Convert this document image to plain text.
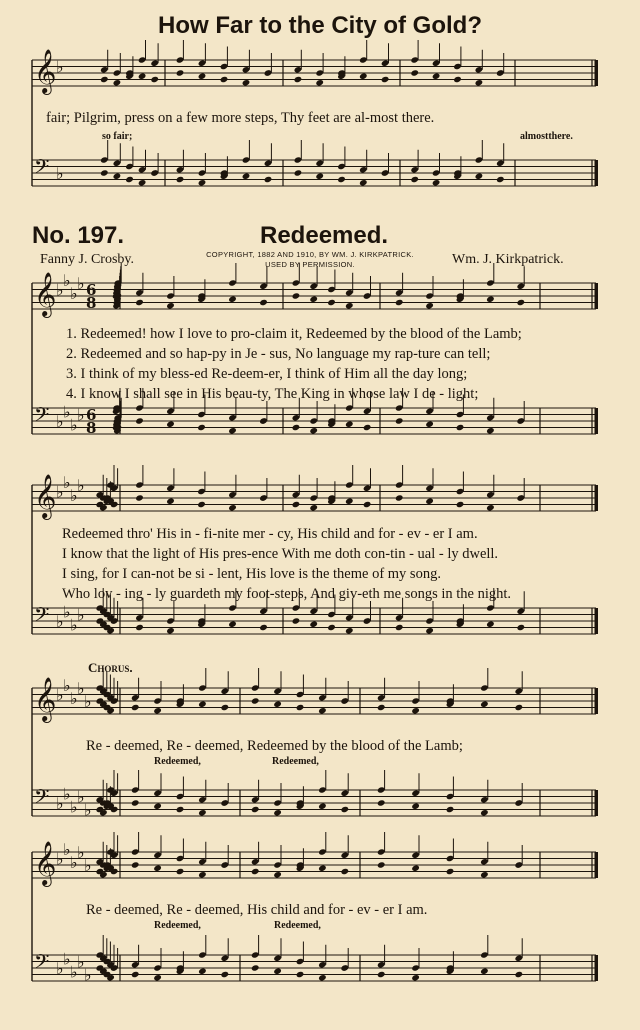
𝄞
𝄢
♭
♭
𝄞
𝄢
♭
♭
♭
♭
♭
♭
♭
♭
6
6
8
8
𝄞
𝄢
♭
♭
♭
♭
♭
♭
♭
♭
𝄞
𝄢
♭
♭
♭
♭
♭
♭
♭
♭
♭
♭
𝄞
𝄢
♭
♭
♭
♭
♭
♭
♭
♭
♭
♭
How Far to the City of Gold?
fair; Pilgrim, press on a few more steps, Thy feet are al-most there.
so fair;	almostthere.
No. 197.	Redeemed.
Fanny J. Crosby.	COPYRIGHT, 1882 AND 1910, BY WM. J. KIRKPATRICK.
USED BY PERMISSION.	Wm. J. Kirkpatrick.
1. Redeemed! how I love to pro-claim it, Redeemed by the blood of the Lamb;
2. Redeemed and so hap-py in Je - sus, No language my rap-ture can tell;
3. I think of my bless-ed Re-deem-er, I think of Him all the day long;
4. I know I shall see in His beau-ty, The King in whose law I de - light;
Redeemed thro' His in - fi-nite mer - cy, His child and for - ev - er I am.
I know that the light of His pres-ence With me doth con-tin - ual - ly dwell.
I sing, for I can-not be si - lent, His love is the theme of my song.
Who lov - ing - ly guardeth my foot-steps, And giv-eth me songs in the night.
Chorus.
Re - deemed, Re - deemed, Redeemed by the blood of the Lamb;
Redeemed,	Redeemed,
Re - deemed, Re - deemed, His child and for - ev - er I am.
Redeemed,	Redeemed,
